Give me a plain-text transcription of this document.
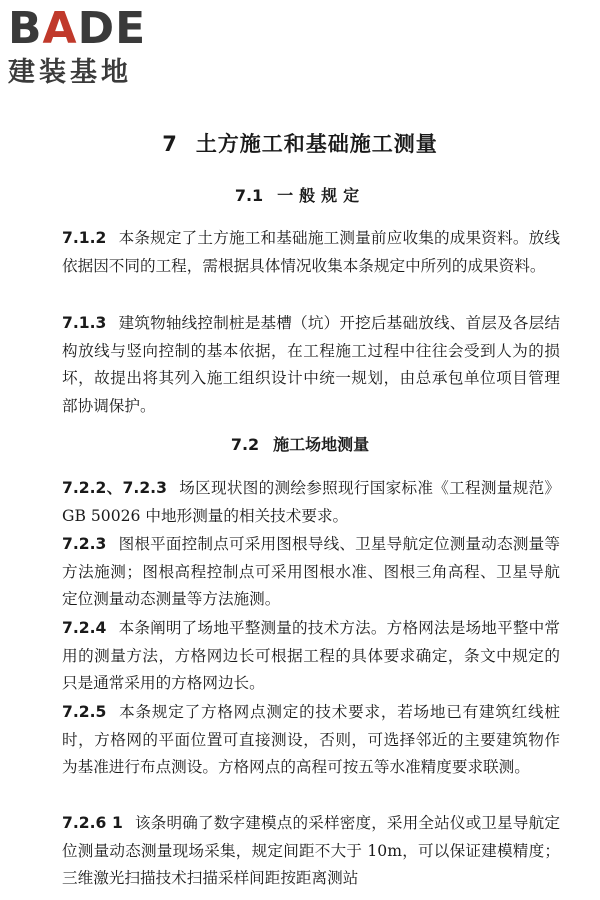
B A DE
建装基地
7 土方施工和基础施工测量
7.1 一般规定
7.1.2 本条规定了土方施工和基础施工测量前应收集的成果资料。放线依据因不同的工程，需根据具体情况收集本条规定中所列的成果资料。
7.1.3 建筑物轴线控制桩是基槽（坑）开挖后基础放线、首层及各层结构放线与竖向控制的基本依据，在工程施工过程中往往会受到人为的损坏，故提出将其列入施工组织设计中统一规划，由总承包单位项目管理部协调保护。
7.2 施工场地测量
7.2.2、7.2.3 场区现状图的测绘参照现行国家标准《工程测量规范》GB 50026 中地形测量的相关技术要求。
7.2.3 图根平面控制点可采用图根导线、卫星导航定位测量动态测量等方法施测；图根高程控制点可采用图根水准、图根三角高程、卫星导航定位测量动态测量等方法施测。
7.2.4 本条阐明了场地平整测量的技术方法。方格网法是场地平整中常用的测量方法，方格网边长可根据工程的具体要求确定，条文中规定的只是通常采用的方格网边长。
7.2.5 本条规定了方格网点测定的技术要求，若场地已有建筑红线桩时，方格网的平面位置可直接测设，否则，可选择邻近的主要建筑物作为基准进行布点测设。方格网点的高程可按五等水准精度要求联测。
7.2.6 1 该条明确了数字建模点的采样密度，采用全站仪或卫星导航定位测量动态测量现场采集，规定间距不大于 10m，可以保证建模精度；三维激光扫描技术扫描采样间距按距离测站
